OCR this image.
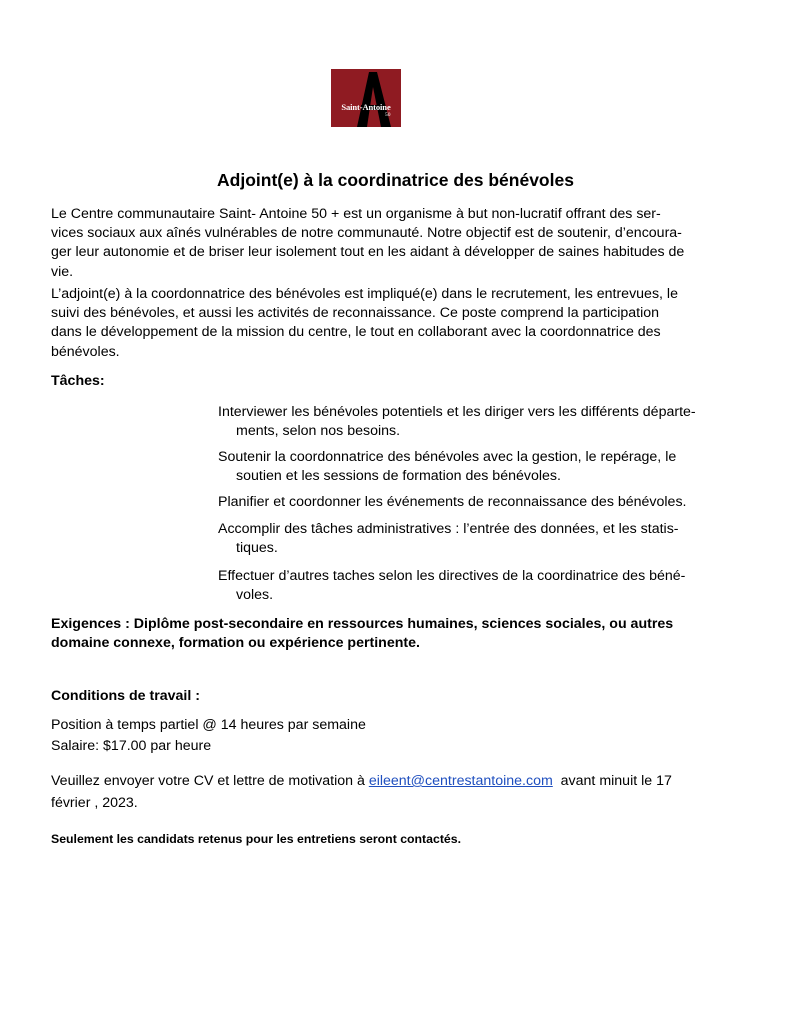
Saint-Antoine
50
Adjoint(e) à la coordinatrice des bénévoles

Le Centre communautaire Saint- Antoine 50 + est un organisme à but non-lucratif offrant des ser-
vices sociaux aux aînés vulnérables de notre communauté. Notre objectif est de soutenir, d’encoura-
ger leur autonomie et de briser leur isolement tout en les aidant à développer de saines habitudes de
vie.

L’adjoint(e) à la coordonnatrice des bénévoles est impliqué(e) dans le recrutement, les entrevues, le
suivi des bénévoles, et aussi les activités de reconnaissance. Ce poste comprend la participation
dans le développement de la mission du centre, le tout en collaborant avec la coordonnatrice des
bénévoles.

Tâches:

Interviewer les bénévoles potentiels et les diriger vers les différents départe-
ments, selon nos besoins.

Soutenir la coordonnatrice des bénévoles avec la gestion, le repérage, le
soutien et les sessions de formation des bénévoles.

Planifier et coordonner les événements de reconnaissance des bénévoles.

Accomplir des tâches administratives : l’entrée des données, et les statis-
tiques.

Effectuer d’autres taches selon les directives de la coordinatrice des béné-
voles.

Exigences : Diplôme post-secondaire en ressources humaines, sciences sociales, ou autres
domaine connexe, formation ou expérience pertinente.

Conditions de travail :

Position à temps partiel @ 14 heures par semaine

Salaire: $17.00 par heure

Veuillez envoyer votre CV et lettre de motivation à eileent@centrestantoine.com  avant minuit le 17

février , 2023.

Seulement les candidats retenus pour les entretiens seront contactés.
